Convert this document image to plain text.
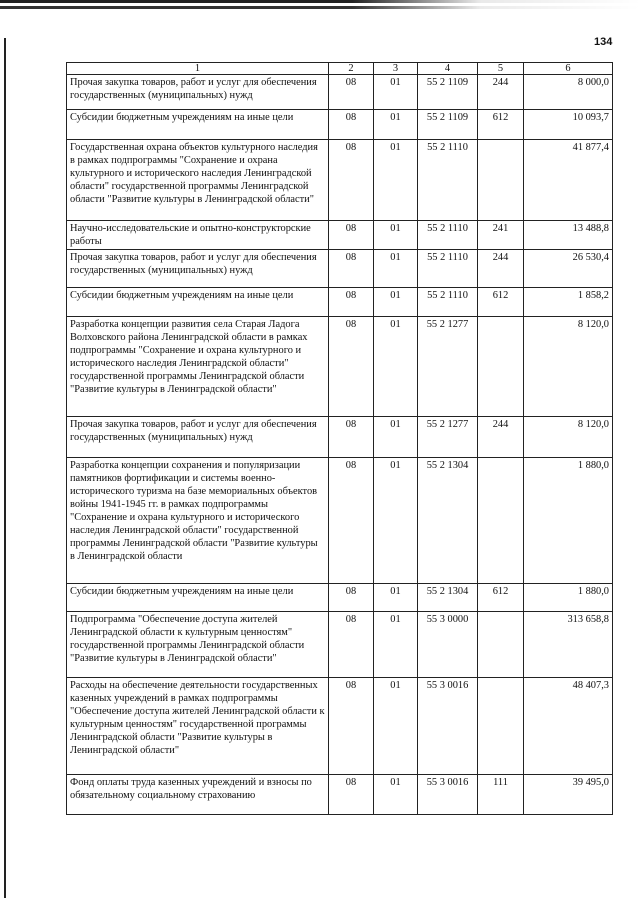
134
1	2	3	4	5	6
Прочая закупка товаров, работ и услуг для обеспечения государственных (муниципальных) нужд	08	01	55 2 1109	244	8 000,0
Субсидии бюджетным учреждениям на иные цели	08	01	55 2 1109	612	10 093,7
Государственная охрана объектов культурного наследия в рамках подпрограммы "Сохранение и охрана культурного и исторического наследия Ленинградской области" государственной программы Ленинградской области "Развитие культуры в Ленинградской области"	08	01	55 2 1110		41 877,4
Научно-исследовательские и опытно-конструкторские работы	08	01	55 2 1110	241	13 488,8
Прочая закупка товаров, работ и услуг для обеспечения государственных (муниципальных) нужд	08	01	55 2 1110	244	26 530,4
Субсидии бюджетным учреждениям на иные цели	08	01	55 2 1110	612	1 858,2
Разработка концепции развития села Старая Ладога Волховского района Ленинградской области в рамках подпрограммы "Сохранение и охрана культурного и исторического наследия Ленинградской области" государственной программы Ленинградской области "Развитие культуры в Ленинградской области"	08	01	55 2 1277		8 120,0
Прочая закупка товаров, работ и услуг для обеспечения государственных (муниципальных) нужд	08	01	55 2 1277	244	8 120,0
Разработка концепции сохранения и популяризации памятников фортификации и системы военно-исторического туризма на базе мемориальных объектов войны 1941-1945 гг. в рамках подпрограммы "Сохранение и охрана культурного и исторического наследия Ленинградской области" государственной программы Ленинградской области "Развитие культуры в Ленинградской области	08	01	55 2 1304		1 880,0
Субсидии бюджетным учреждениям на иные цели	08	01	55 2 1304	612	1 880,0
Подпрограмма "Обеспечение доступа жителей Ленинградской области к культурным ценностям" государственной программы Ленинградской области "Развитие культуры в Ленинградской области"	08	01	55 3 0000		313 658,8
Расходы на обеспечение деятельности государственных казенных учреждений в рамках подпрограммы "Обеспечение доступа жителей Ленинградской области к культурным ценностям" государственной программы Ленинградской области "Развитие культуры в Ленинградской области"	08	01	55 3 0016		48 407,3
Фонд оплаты труда казенных учреждений и взносы по обязательному социальному страхованию	08	01	55 3 0016	111	39 495,0
